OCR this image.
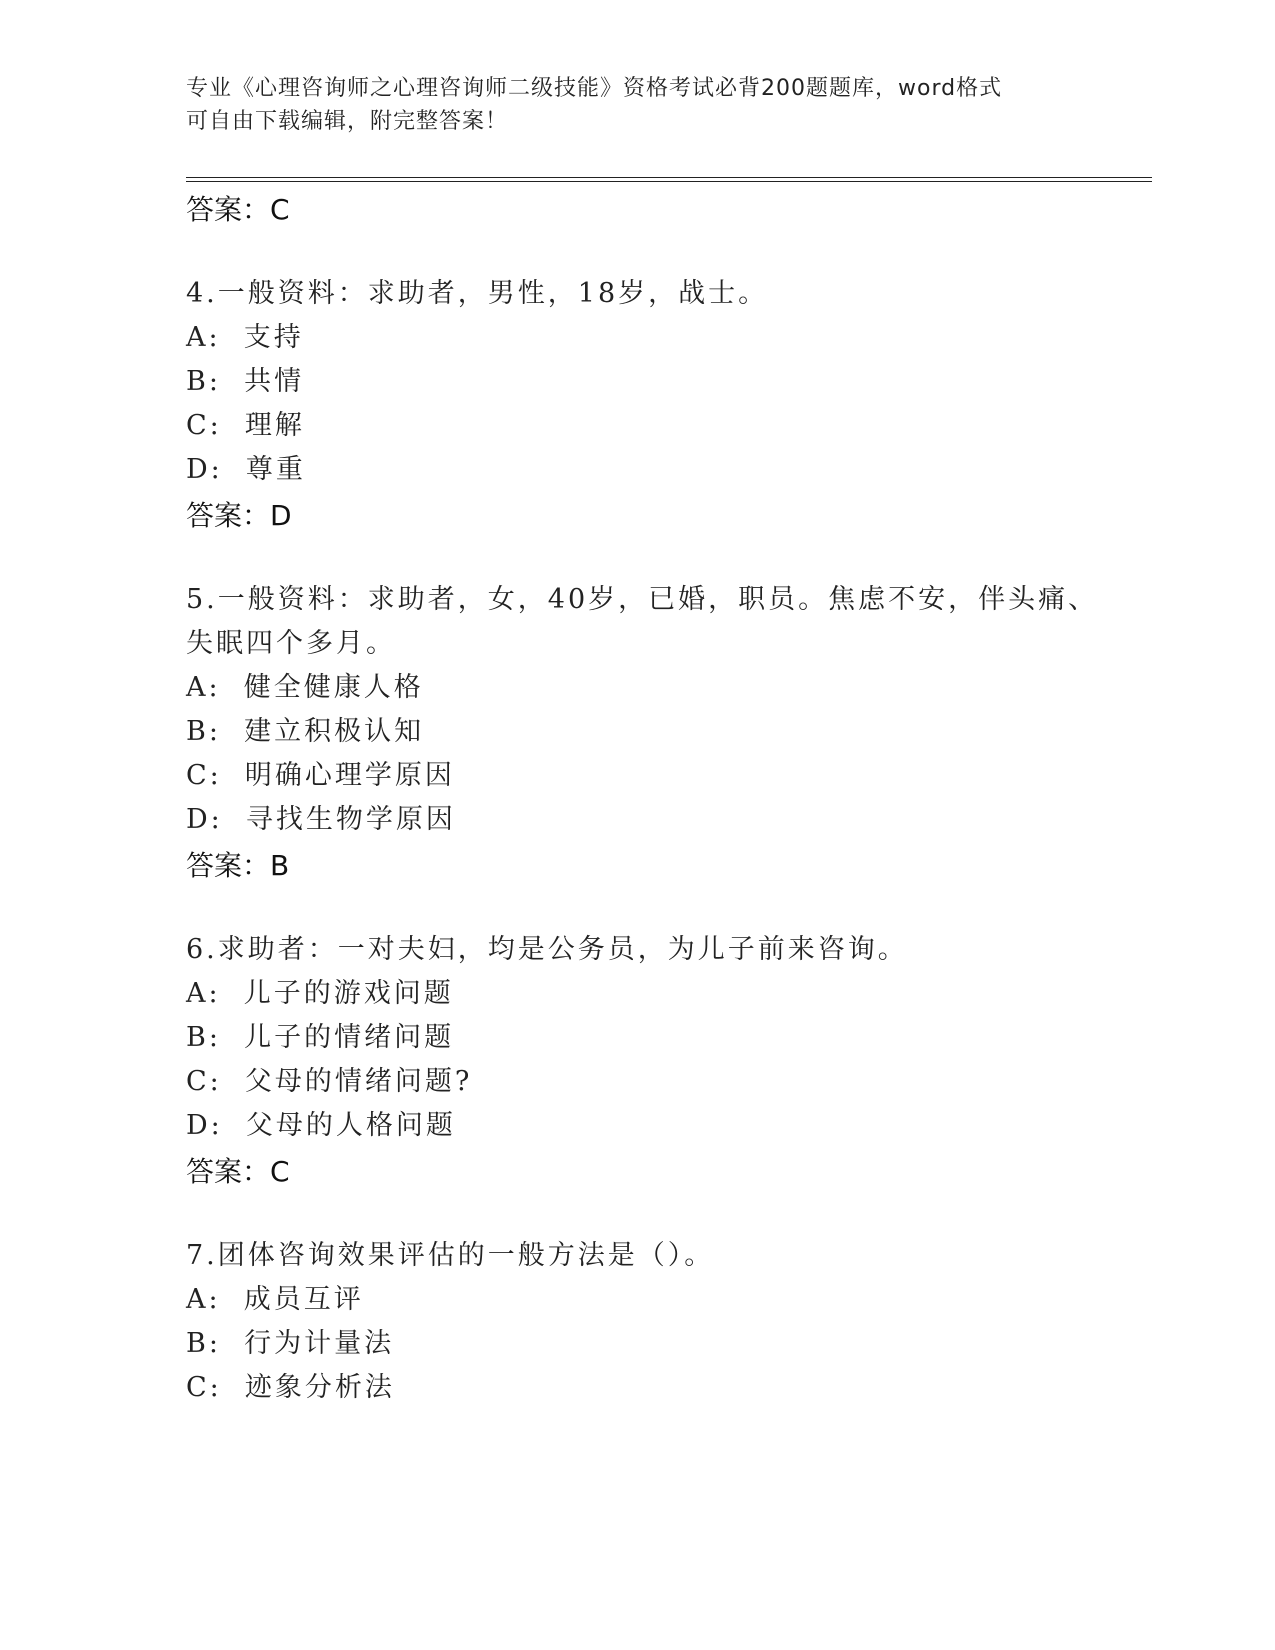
专业《心理咨询师之心理咨询师二级技能》资格考试必背200题题库，word格式
可自由下载编辑，附完整答案！
答案：C
4.一般资料：求助者，男性，18岁，战士。
A:  支持
B:  共情
C:  理解
D:  尊重
答案：D
5.一般资料：求助者，女，40岁，已婚，职员。焦虑不安，伴头痛、
失眠四个多月。
A:  健全健康人格
B:  建立积极认知
C:  明确心理学原因
D:  寻找生物学原因
答案：B
6.求助者：一对夫妇，均是公务员，为儿子前来咨询。
A:  儿子的游戏问题
B:  儿子的情绪问题
C:  父母的情绪问题?
D:  父母的人格问题
答案：C
7.团体咨询效果评估的一般方法是（）。
A:  成员互评
B:  行为计量法
C:  迹象分析法
